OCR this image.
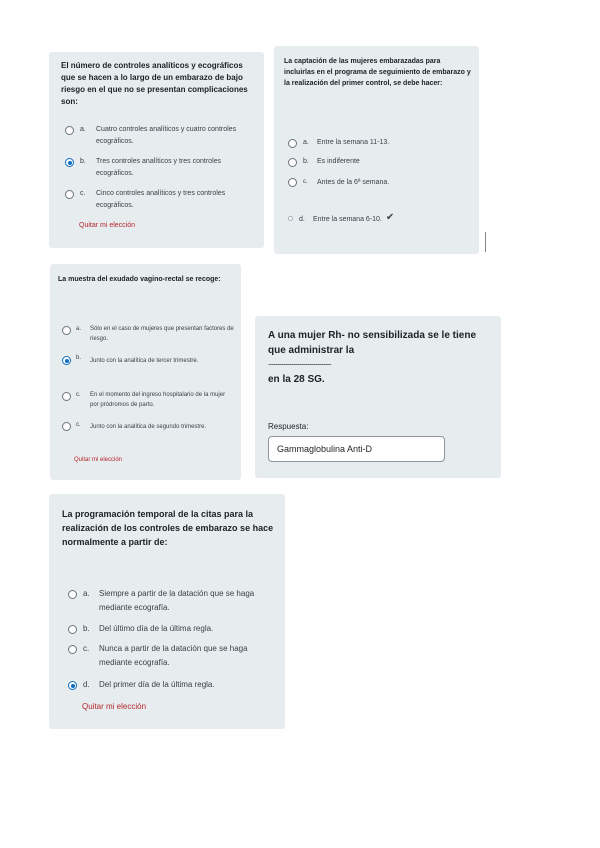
El número de controles analíticos y ecográficos que se hacen a lo largo de un embarazo de bajo riesgo en el que no se presentan complicaciones son:
a.	Cuatro controles analíticos y cuatro controles ecográficos.
b.	Tres controles analíticos y tres controles ecográficos.
c.	Cinco controles analíticos y tres controles ecográficos.
Quitar mi elección
La captación de las mujeres embarazadas para incluirlas en el programa de seguimiento de embarazo y la realización del primer control, se debe hacer:
a.	Entre la semana 11-13.
b.	Es indiferente
c.	Antes de la 6ª semana.
d.	Entre la semana 6-10. ✔
La muestra del exudado vagino-rectal se recoge:
a.	Sólo en el caso de mujeres que presentan factores de riesgo.
b.	Junto con la analítica de tercer trimestre.
c.	En el momento del ingreso hospitalario de la mujer por pródromos de parto.
c.	Junto con la analítica de segundo trimestre.
Quitar mi elección
A una mujer Rh- no sensibilizada se le tiene que administrar la
..............................................................................................
en la 28 SG.
Respuesta:
Gammaglobulina Anti-D
La programación temporal de la citas para la realización de los controles de embarazo se hace normalmente a partir de:
a.	Siempre a partir de la datación que se haga mediante ecografía.
b.	Del último día de la última regla.
c.	Nunca a partir de la datación que se haga mediante ecografía.
d.	Del primer día de la última regla.
Quitar mi elección
